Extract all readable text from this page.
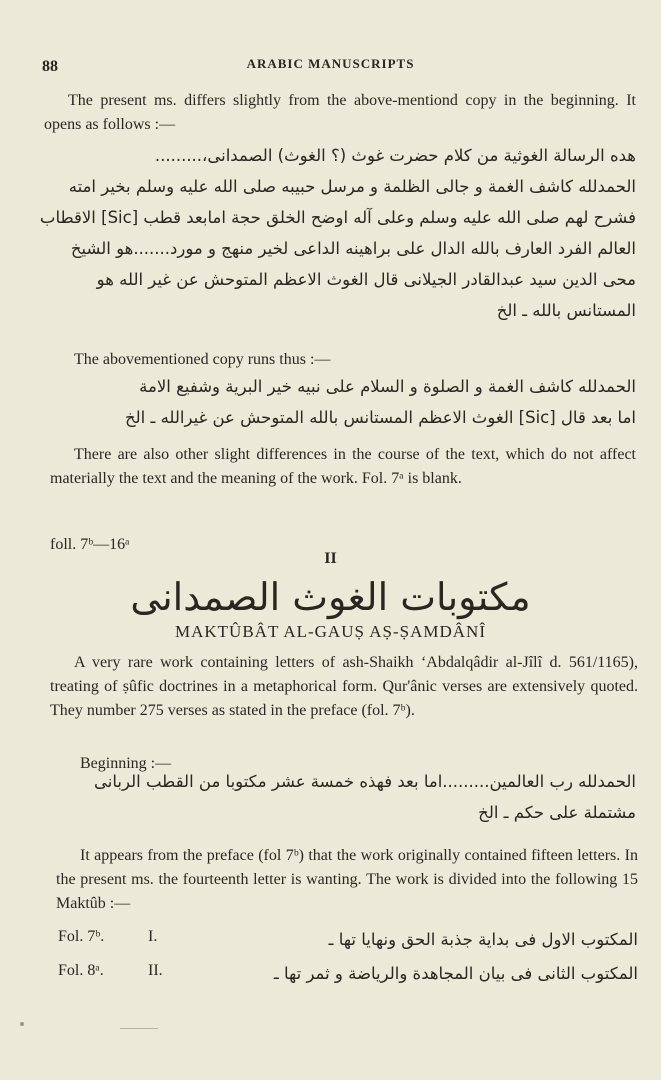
88	ARABIC MANUSCRIPTS
The present ms. differs slightly from the above-mentiond copy in the beginning. It opens as follows :—
هده الرسالة الغوثية من كلام حضرت غوث (؟ الغوث) الصمدانى،.........
الحمدلله كاشف الغمة و جالى الظلمة و مرسل حبيبه صلى الله عليه وسلم بخير امته
فشرح لهم صلى الله عليه وسلم وعلى آله اوضح الخلق حجة امابعد قطب [Sic] الاقطاب
العالم الفرد العارف بالله الدال على براهينه الداعى لخير منهج و مورد.......هو الشيخ
محى الدين سيد عبدالقادر الجيلانى قال الغوث الاعظم المتوحش عن غير الله هو
المستانس بالله ـ الخ
The abovementioned copy runs thus :—
الحمدلله كاشف الغمة و الصلوة و السلام على نبيه خير البرية وشفيع الامة
اما بعد قال [Sic] الغوث الاعظم المستانس بالله المتوحش عن غيرالله ـ الخ
There are also other slight differences in the course of the text, which do not affect materially the text and the meaning of the work. Fol. 7ᵃ is blank.
foll. 7ᵇ—16ᵃ
II
مكتوبات الغوث الصمدانى
MAKTÛBÂT AL-GAUṢ AṢ-ṢAMDÂNÎ
A very rare work containing letters of ash-Shaikh ‘Abdalqâdir al-Jîlî d. 561/1165), treating of ṣûfic doctrines in a metaphorical form. Qur'ânic verses are extensively quoted. They number 275 verses as stated in the preface (fol. 7ᵇ).
Beginning :—
الحمدلله رب العالمين.........اما بعد فهذه خمسة عشر مكتوبا من القطب الربانى
مشتملة على حكم ـ الخ
It appears from the preface (fol 7ᵇ) that the work originally contained fifteen letters. In the present ms. the fourteenth letter is wanting. The work is divided into the following 15 Maktûb :—
Fol. 7ᵇ.	I.	المكتوب الاول فى بداية جذبة الحق ونهايا تها ـ
Fol. 8ᵃ.	II.	المكتوب الثانى فى بيان المجاهدة والرياضة و ثمر تها ـ
